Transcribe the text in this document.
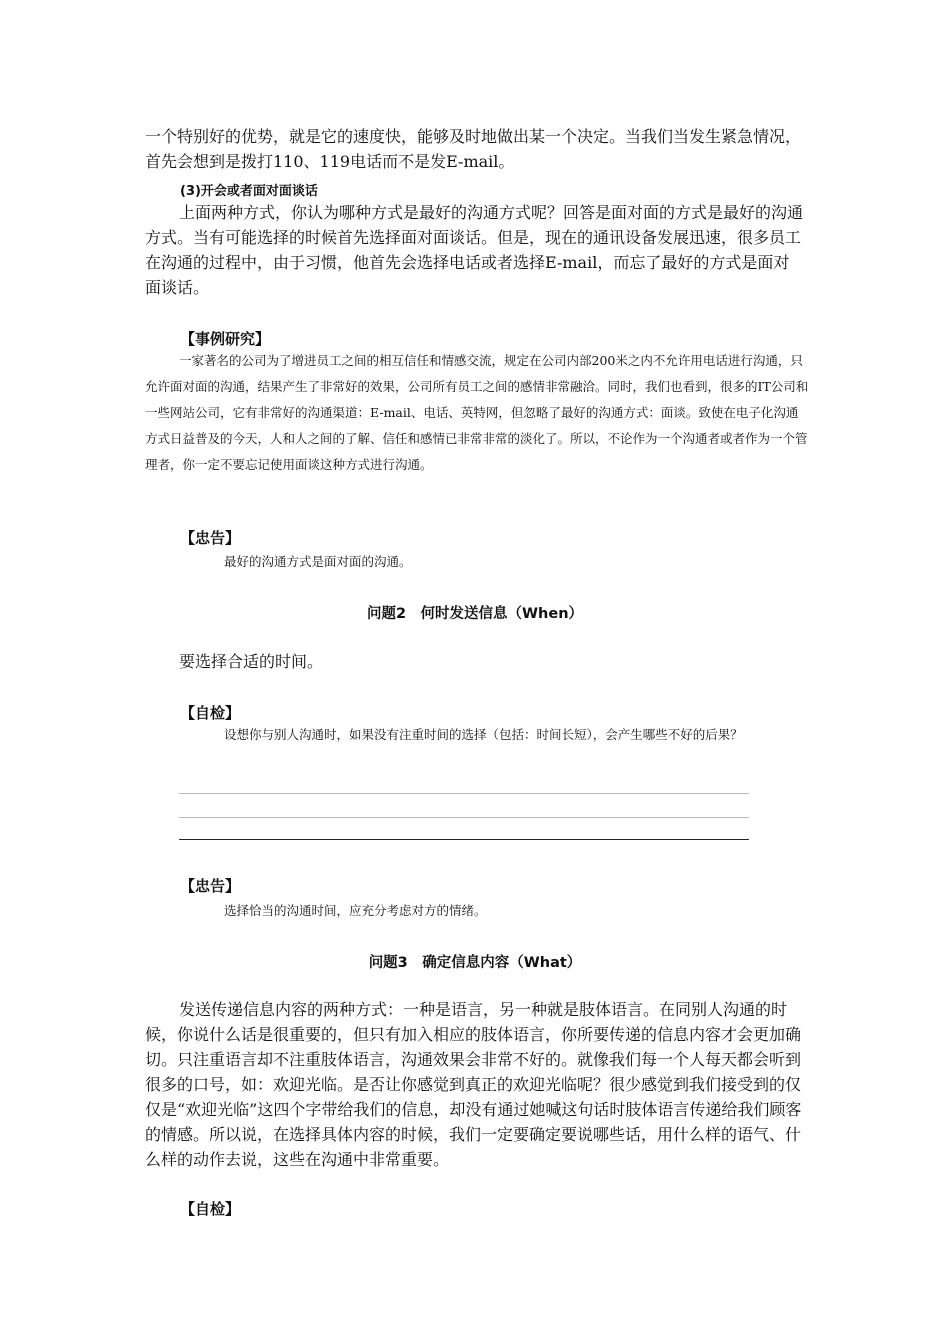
一个特别好的优势，就是它的速度快，能够及时地做出某一个决定。当我们当发生紧急情况，首先会想到是拨打110、119电话而不是发E-mail。

(3)开会或者面对面谈话

上面两种方式，你认为哪种方式是最好的沟通方式呢？回答是面对面的方式是最好的沟通方式。当有可能选择的时候首先选择面对面谈话。但是，现在的通讯设备发展迅速，很多员工在沟通的过程中，由于习惯，他首先会选择电话或者选择E-mail，而忘了最好的方式是面对面谈话。

【事例研究】

一家著名的公司为了增进员工之间的相互信任和情感交流，规定在公司内部200米之内不允许用电话进行沟通，只允许面对面的沟通，结果产生了非常好的效果，公司所有员工之间的感情非常融洽。同时，我们也看到，很多的IT公司和一些网站公司，它有非常好的沟通渠道：E-mail、电话、英特网，但忽略了最好的沟通方式：面谈。致使在电子化沟通方式日益普及的今天，人和人之间的了解、信任和感情已非常非常的淡化了。所以，不论作为一个沟通者或者作为一个管理者，你一定不要忘记使用面谈这种方式进行沟通。

【忠告】

最好的沟通方式是面对面的沟通。

问题2　何时发送信息（When）

要选择合适的时间。

【自检】

设想你与别人沟通时，如果没有注重时间的选择（包括：时间长短），会产生哪些不好的后果？

【忠告】

选择恰当的沟通时间，应充分考虑对方的情绪。

问题3　确定信息内容（What）

发送传递信息内容的两种方式：一种是语言，另一种就是肢体语言。在同别人沟通的时候，你说什么话是很重要的，但只有加入相应的肢体语言，你所要传递的信息内容才会更加确切。只注重语言却不注重肢体语言，沟通效果会非常不好的。就像我们每一个人每天都会听到很多的口号，如：欢迎光临。是否让你感觉到真正的欢迎光临呢？很少感觉到我们接受到的仅仅是“欢迎光临”这四个字带给我们的信息，却没有通过她喊这句话时肢体语言传递给我们顾客的情感。所以说，在选择具体内容的时候，我们一定要确定要说哪些话，用什么样的语气、什么样的动作去说，这些在沟通中非常重要。

【自检】
